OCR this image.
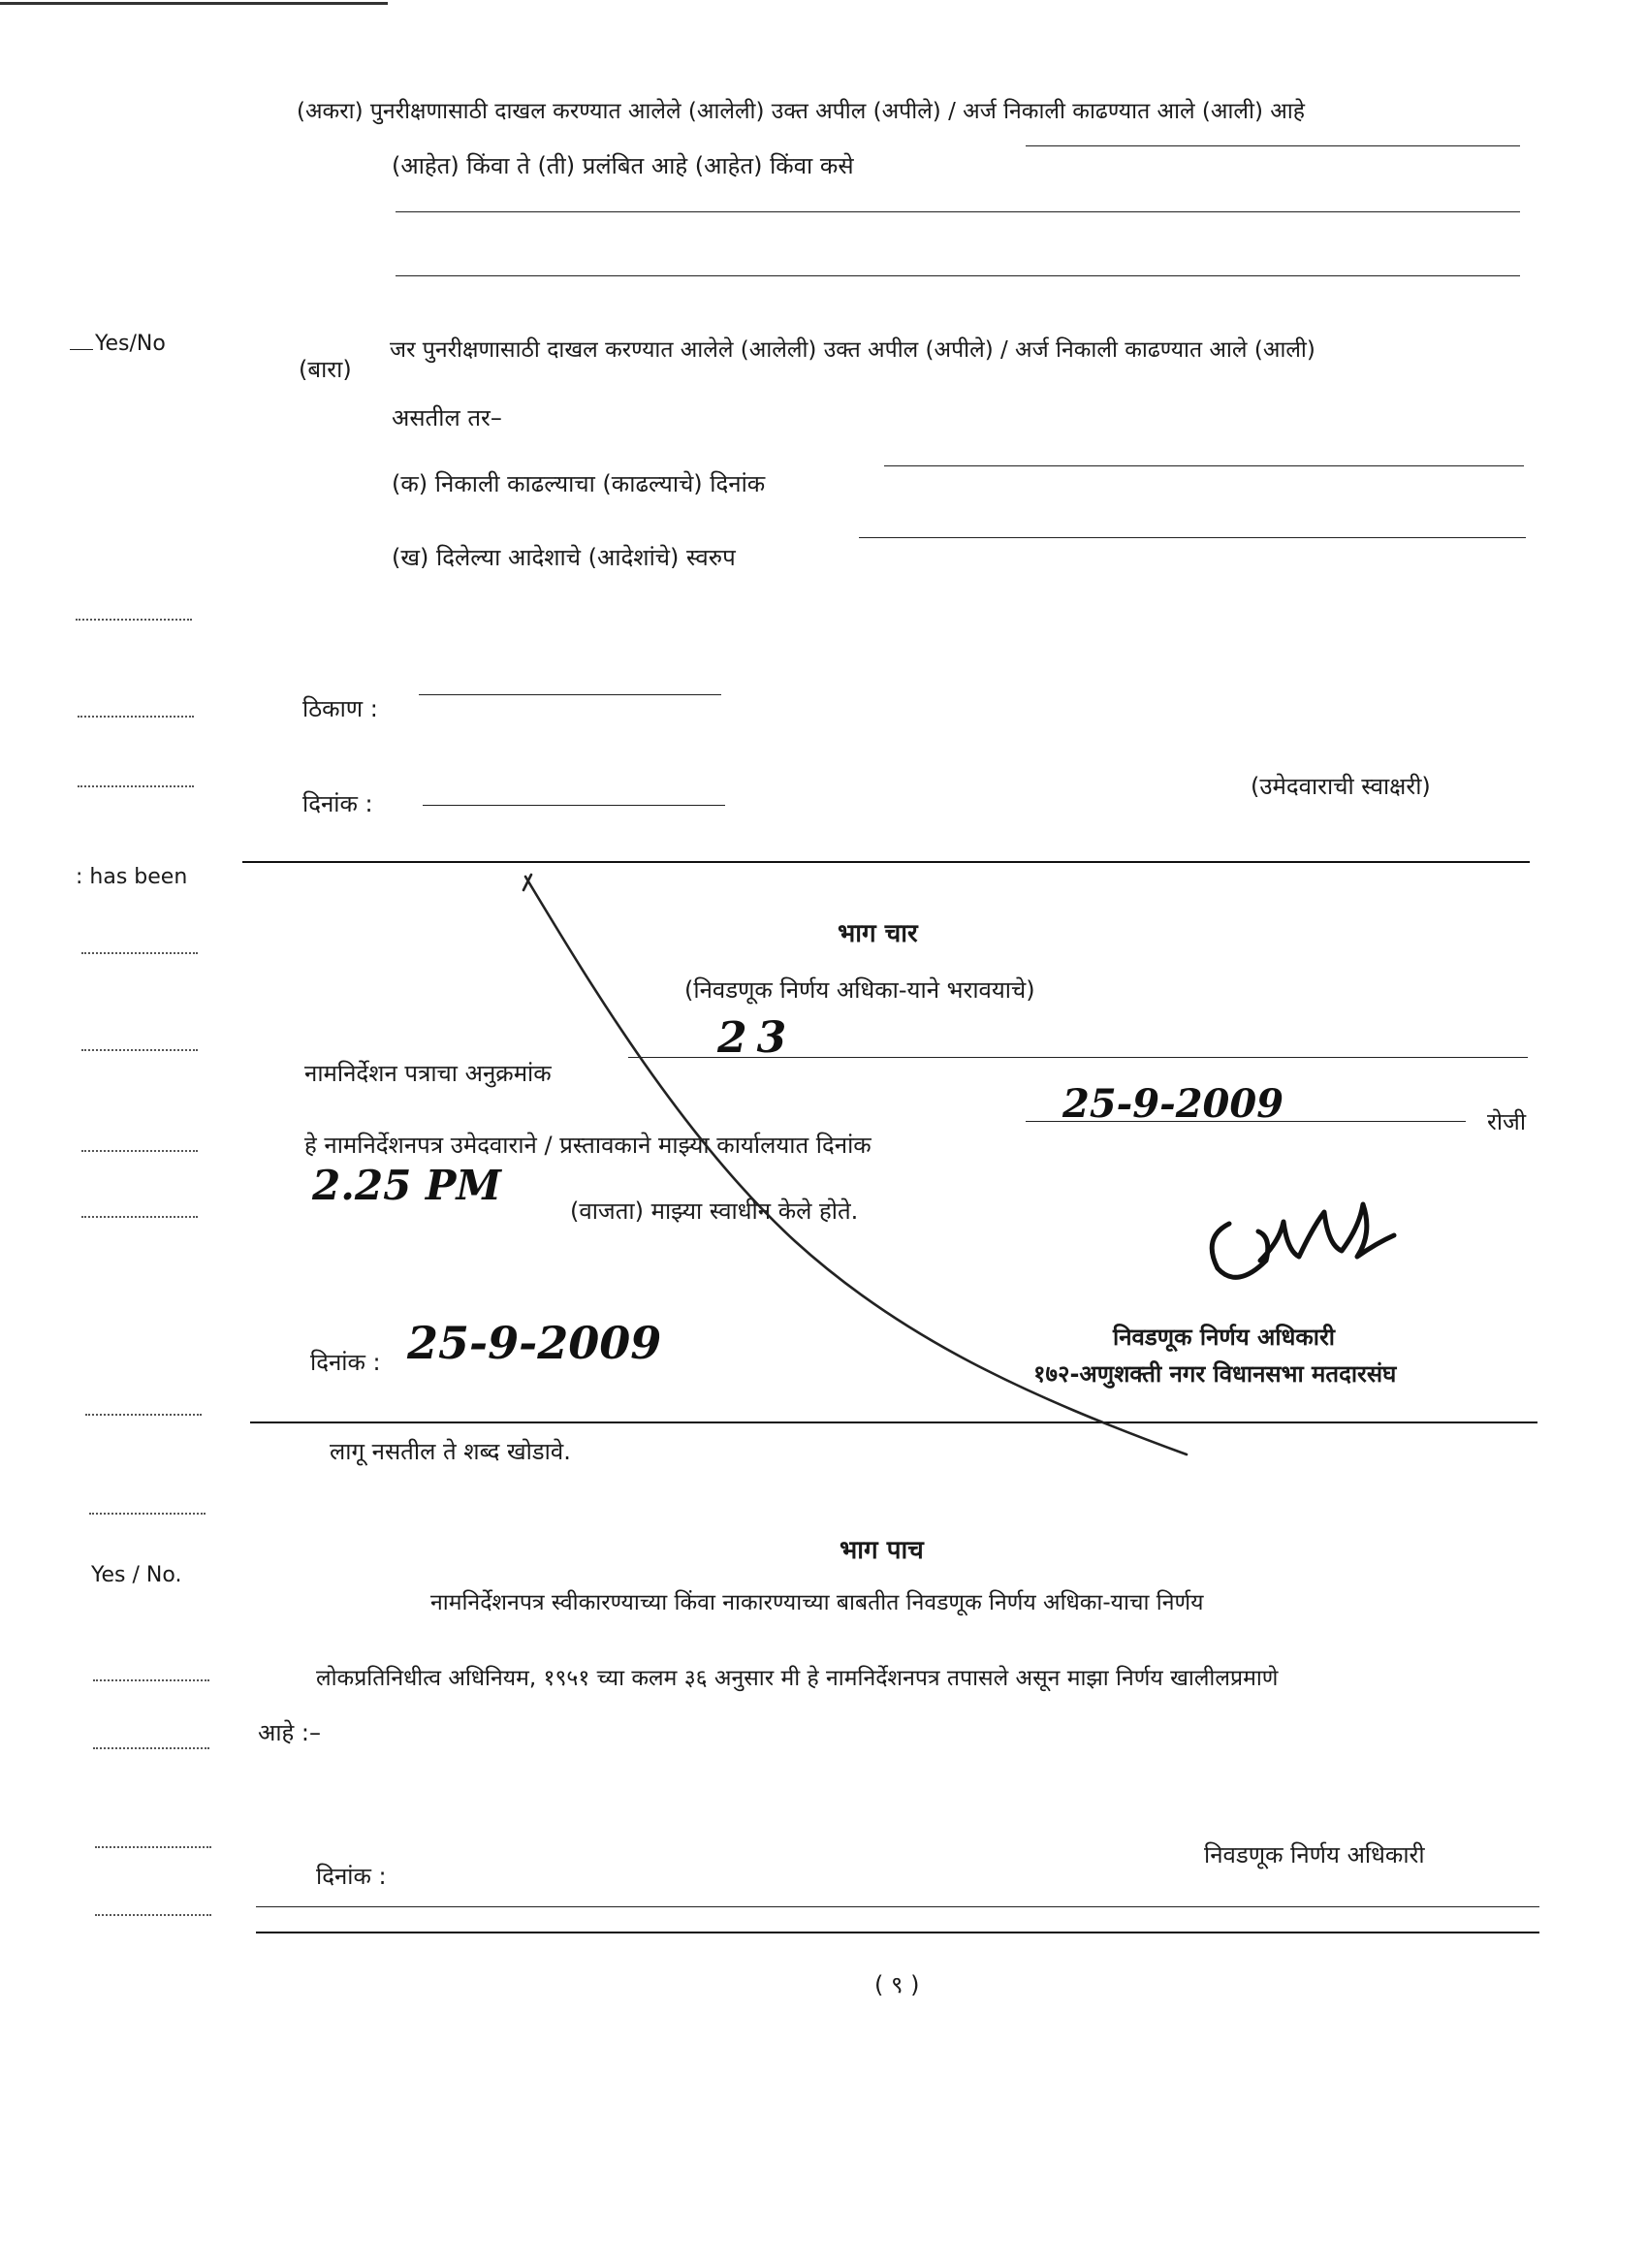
Yes/No
: has been
Yes / No.
(अकरा) पुनरीक्षणासाठी दाखल करण्यात आलेले (आलेली) उक्त अपील (अपीले) / अर्ज निकाली काढण्यात आले (आली) आहे
(आहेत) किंवा ते (ती) प्रलंबित आहे (आहेत) किंवा कसे
(बारा)
जर पुनरीक्षणासाठी दाखल करण्यात आलेले (आलेली) उक्त अपील (अपीले) / अर्ज निकाली काढण्यात आले (आली)
असतील तर–
(क) निकाली काढल्याचा (काढल्याचे) दिनांक
(ख) दिलेल्या आदेशाचे (आदेशांचे) स्वरुप
ठिकाण :
दिनांक :
(उमेदवाराची स्वाक्षरी)
भाग चार
(निवडणूक निर्णय अधिका-याने भरावयाचे)
नामनिर्देशन पत्राचा अनुक्रमांक
23
हे नामनिर्देशनपत्र उमेदवाराने / प्रस्तावकाने माझ्या कार्यालयात दिनांक
25-9-2009	रोजी
2.25 PM
(वाजता) माझ्या स्वाधीन केले होते.
दिनांक : 25-9-2009	निवडणूक निर्णय अधिकारी
१७२-अणुशक्ती नगर विधानसभा मतदारसंघ
लागू नसतील ते शब्द खोडावे.
भाग पाच
नामनिर्देशनपत्र स्वीकारण्याच्या किंवा नाकारण्याच्या बाबतीत निवडणूक निर्णय अधिका-याचा निर्णय
लोकप्रतिनिधीत्व अधिनियम, १९५१ च्या कलम ३६ अनुसार मी हे नामनिर्देशनपत्र तपासले असून माझा निर्णय खालीलप्रमाणे
आहे :–
दिनांक :
निवडणूक निर्णय अधिकारी
( ९ )
